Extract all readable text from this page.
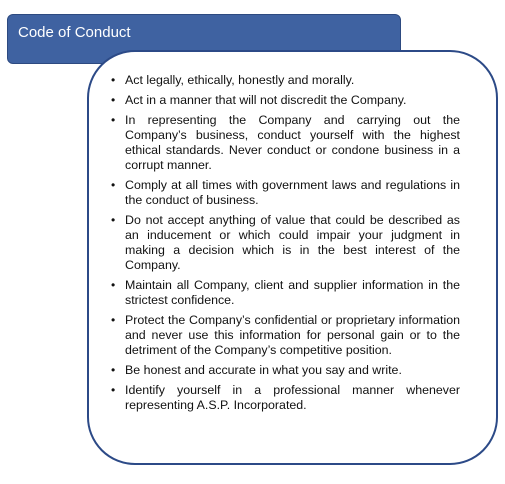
Code of Conduct
• Act legally, ethically, honestly and morally.
• Act in a manner that will not discredit the Company.
• In representing the Company and carrying out the Company’s business, conduct yourself with the highest ethical standards. Never conduct or condone business in a corrupt manner.
• Comply at all times with government laws and regulations in the conduct of business.
• Do not accept anything of value that could be described as an inducement or which could impair your judgment in making a decision which is in the best interest of the Company.
• Maintain all Company, client and supplier information in the strictest confidence.
• Protect the Company’s confidential or proprietary information and never use this information for personal gain or to the detriment of the Company’s competitive position.
• Be honest and accurate in what you say and write.
• Identify yourself in a professional manner whenever representing A.S.P. Incorporated.
